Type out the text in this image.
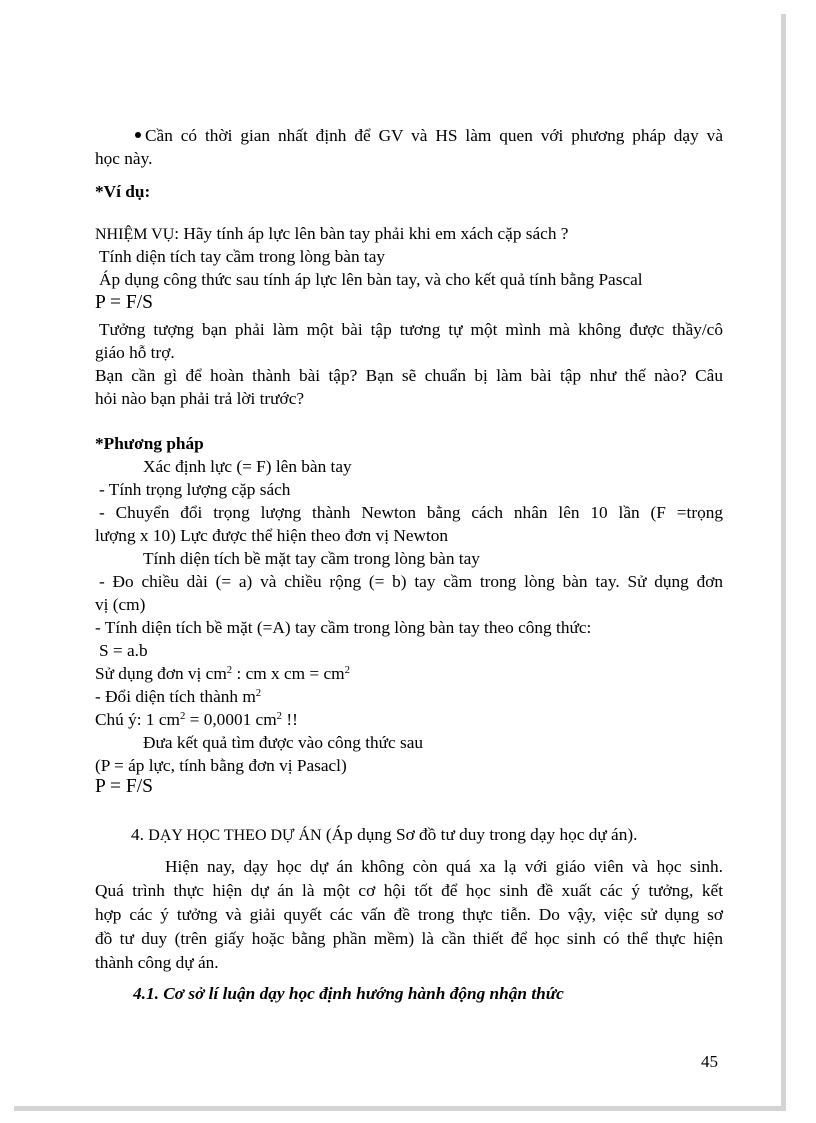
Cần có thời gian nhất định để GV và HS làm quen với phương pháp dạy và
học này.
*Ví dụ:
NHIỆM VỤ: Hãy tính áp lực lên bàn tay phải khi em xách cặp sách ?
Tính diện tích tay cầm trong lòng bàn tay
Áp dụng công thức sau tính áp lực lên bàn tay, và cho kết quả tính bằng Pascal
P = F/S
Tưởng tượng bạn phải làm một bài tập tương tự một mình mà không được thầy/cô
giáo hỗ trợ.
Bạn cần gì để hoàn thành bài tập? Bạn sẽ chuẩn bị làm bài tập như thế nào? Câu
hỏi nào bạn phải trả lời trước?
*Phương pháp
Xác định lực (= F) lên bàn tay
- Tính trọng lượng cặp sách
- Chuyển đổi trọng lượng thành Newton bằng cách nhân lên 10 lần (F =trọng
lượng x 10) Lực được thể hiện theo đơn vị Newton
Tính diện tích bề mặt tay cầm trong lòng bàn tay
- Đo chiều dài (= a) và chiều rộng (= b) tay cầm trong lòng bàn tay. Sử dụng đơn
vị (cm)
- Tính diện tích bề mặt (=A) tay cầm trong lòng bàn tay theo công thức:
S = a.b
Sử dụng đơn vị $cm^2$ : cm x cm = $cm^2$
- Đổi diện tích thành $m^2$
Chú ý: 1 $cm^2 = 0,0001$ $cm^2$ !!
Đưa kết quả tìm được vào công thức sau
(P = áp lực, tính bằng đơn vị Pasacl)
P = F/S
4. DẠY HỌC THEO DỰ ÁN (Áp dụng Sơ đồ tư duy trong dạy học dự án).
Hiện nay, dạy học dự án không còn quá xa lạ với giáo viên và học sinh.
Quá trình thực hiện dự án là một cơ hội tốt để học sinh đề xuất các ý tưởng, kết
hợp các ý tưởng và giải quyết các vấn đề trong thực tiễn. Do vậy, việc sử dụng sơ
đồ tư duy (trên giấy hoặc bằng phần mềm) là cần thiết để học sinh có thể thực hiện
thành công dự án.
4.1. Cơ sở lí luận dạy học định hướng hành động nhận thức
45
